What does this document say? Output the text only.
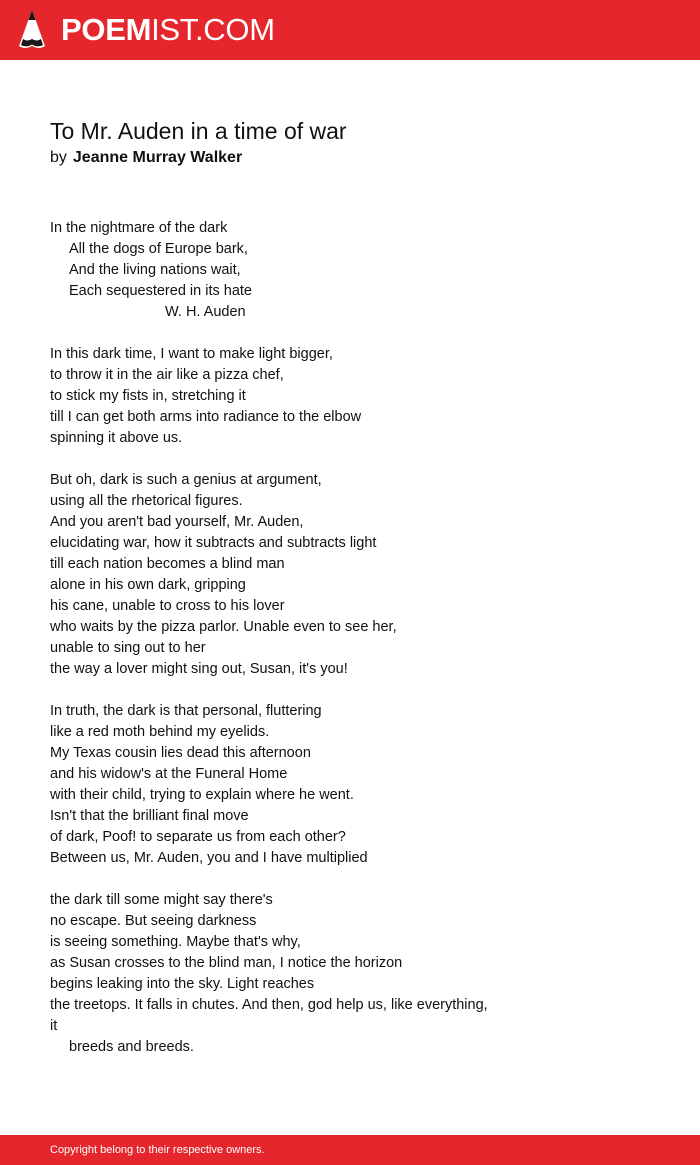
POEMIST.COM
To Mr. Auden in a time of war
by Jeanne Murray Walker
In the nightmare of the dark
All the dogs of Europe bark,
And the living nations wait,
Each sequestered in its hate
W. H. Auden
In this dark time, I want to make light bigger,
to throw it in the air like a pizza chef,
to stick my fists in, stretching it
till I can get both arms into radiance to the elbow
spinning it above us.
But oh, dark is such a genius at argument,
using all the rhetorical figures.
And you aren't bad yourself, Mr. Auden,
elucidating war, how it subtracts and subtracts light
till each nation becomes a blind man
alone in his own dark, gripping
his cane, unable to cross to his lover
who waits by the pizza parlor. Unable even to see her,
unable to sing out to her
the way a lover might sing out, Susan, it's you!
In truth, the dark is that personal, fluttering
like a red moth behind my eyelids.
My Texas cousin lies dead this afternoon
and his widow's at the Funeral Home
with their child, trying to explain where he went.
Isn't that the brilliant final move
of dark, Poof! to separate us from each other?
Between us, Mr. Auden, you and I have multiplied
the dark till some might say there's
no escape. But seeing darkness
is seeing something. Maybe that's why,
as Susan crosses to the blind man, I notice the horizon
begins leaking into the sky. Light reaches
the treetops. It falls in chutes. And then, god help us, like everything,
it
breeds and breeds.
Copyright belong to their respective owners.
